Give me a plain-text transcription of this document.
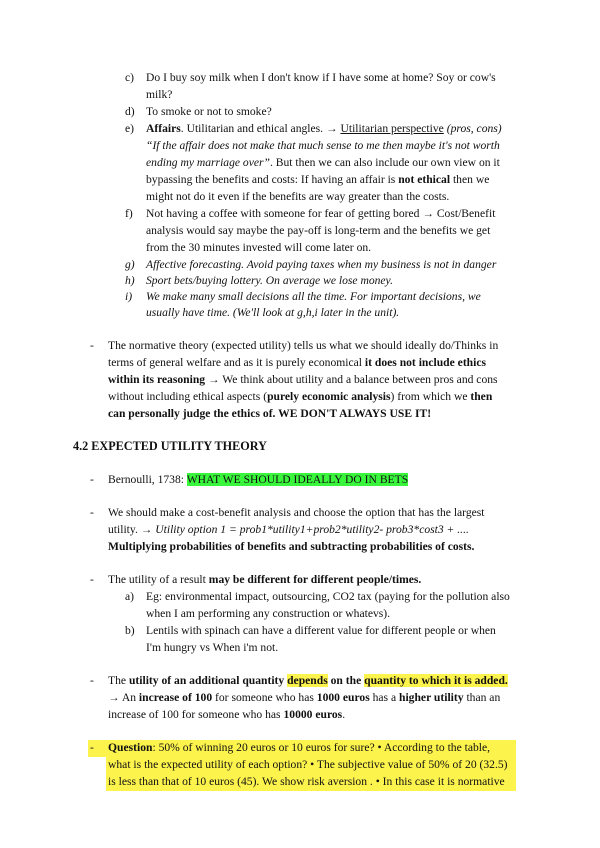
c) Do I buy soy milk when I don't know if I have some at home? Soy or cow's

milk?

d) To smoke or not to smoke?

e) Affairs. Utilitarian and ethical angles. → Utilitarian perspective (pros, cons)

“If the affair does not make that much sense to me then maybe it's not worth

ending my marriage over”. But then we can also include our own view on it

bypassing the benefits and costs: If having an affair is not ethical then we

might not do it even if the benefits are way greater than the costs.

f) Not having a coffee with someone for fear of getting bored → Cost/Benefit

analysis would say maybe the pay-off is long-term and the benefits we get

from the 30 minutes invested will come later on.

g) Affective forecasting. Avoid paying taxes when my business is not in danger

h) Sport bets/buying lottery. On average we lose money.

i) We make many small decisions all the time. For important decisions, we

usually have time. (We'll look at g,h,i later in the unit).

- The normative theory (expected utility) tells us what we should ideally do/Thinks in

terms of general welfare and as it is purely economical it does not include ethics

within its reasoning → We think about utility and a balance between pros and cons

without including ethical aspects (purely economic analysis) from which we then

can personally judge the ethics of. WE DON'T ALWAYS USE IT!

4.2 EXPECTED UTILITY THEORY
- Bernoulli, 1738: WHAT WE SHOULD IDEALLY DO IN BETS

- We should make a cost-benefit analysis and choose the option that has the largest

utility. → Utility option 1 = prob1*utility1+prob2*utility2- prob3*cost3 + ....

Multiplying probabilities of benefits and subtracting probabilities of costs.

- The utility of a result may be different for different people/times.

a) Eg: environmental impact, outsourcing, CO2 tax (paying for the pollution also

when I am performing any construction or whatevs).

b) Lentils with spinach can have a different value for different people or when

I'm hungry vs When i'm not.

- The utility of an additional quantity depends on the quantity to which it is added.

→ An increase of 100 for someone who has 1000 euros has a higher utility than an

increase of 100 for someone who has 10000 euros.

- Question: 50% of winning 20 euros or 10 euros for sure? • According to the table,

what is the expected utility of each option? • The subjective value of 50% of 20 (32.5)

is less than that of 10 euros (45). We show risk aversion . • In this case it is normative
